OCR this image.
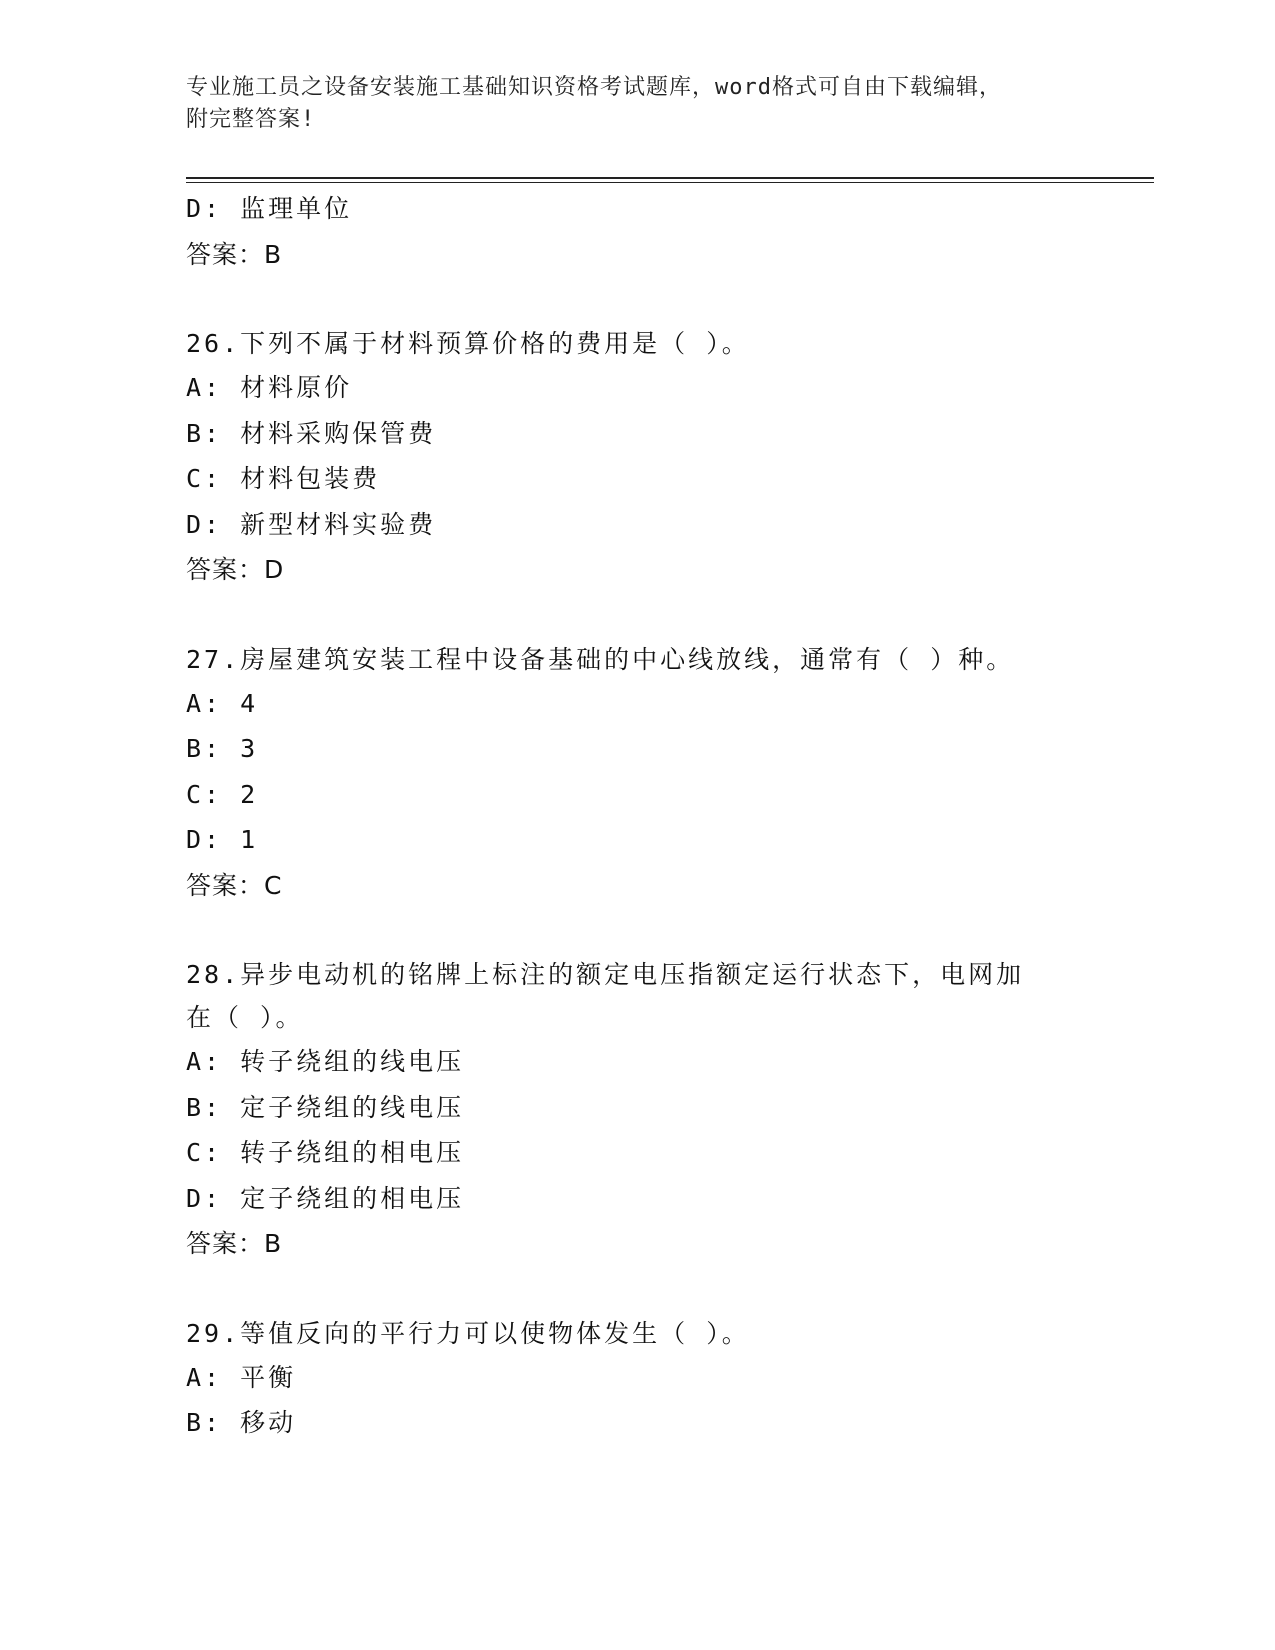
专业施工员之设备安装施工基础知识资格考试题库，word格式可自由下载编辑，
附完整答案!
D: 监理单位
答案：B
26.下列不属于材料预算价格的费用是（ ）。
A: 材料原价
B: 材料采购保管费
C: 材料包装费
D: 新型材料实验费
答案：D
27.房屋建筑安装工程中设备基础的中心线放线，通常有（ ）种。
A: 4
B: 3
C: 2
D: 1
答案：C
28.异步电动机的铭牌上标注的额定电压指额定运行状态下，电网加在（ ）。
A: 转子绕组的线电压
B: 定子绕组的线电压
C: 转子绕组的相电压
D: 定子绕组的相电压
答案：B
29.等值反向的平行力可以使物体发生（ ）。
A: 平衡
B: 移动
